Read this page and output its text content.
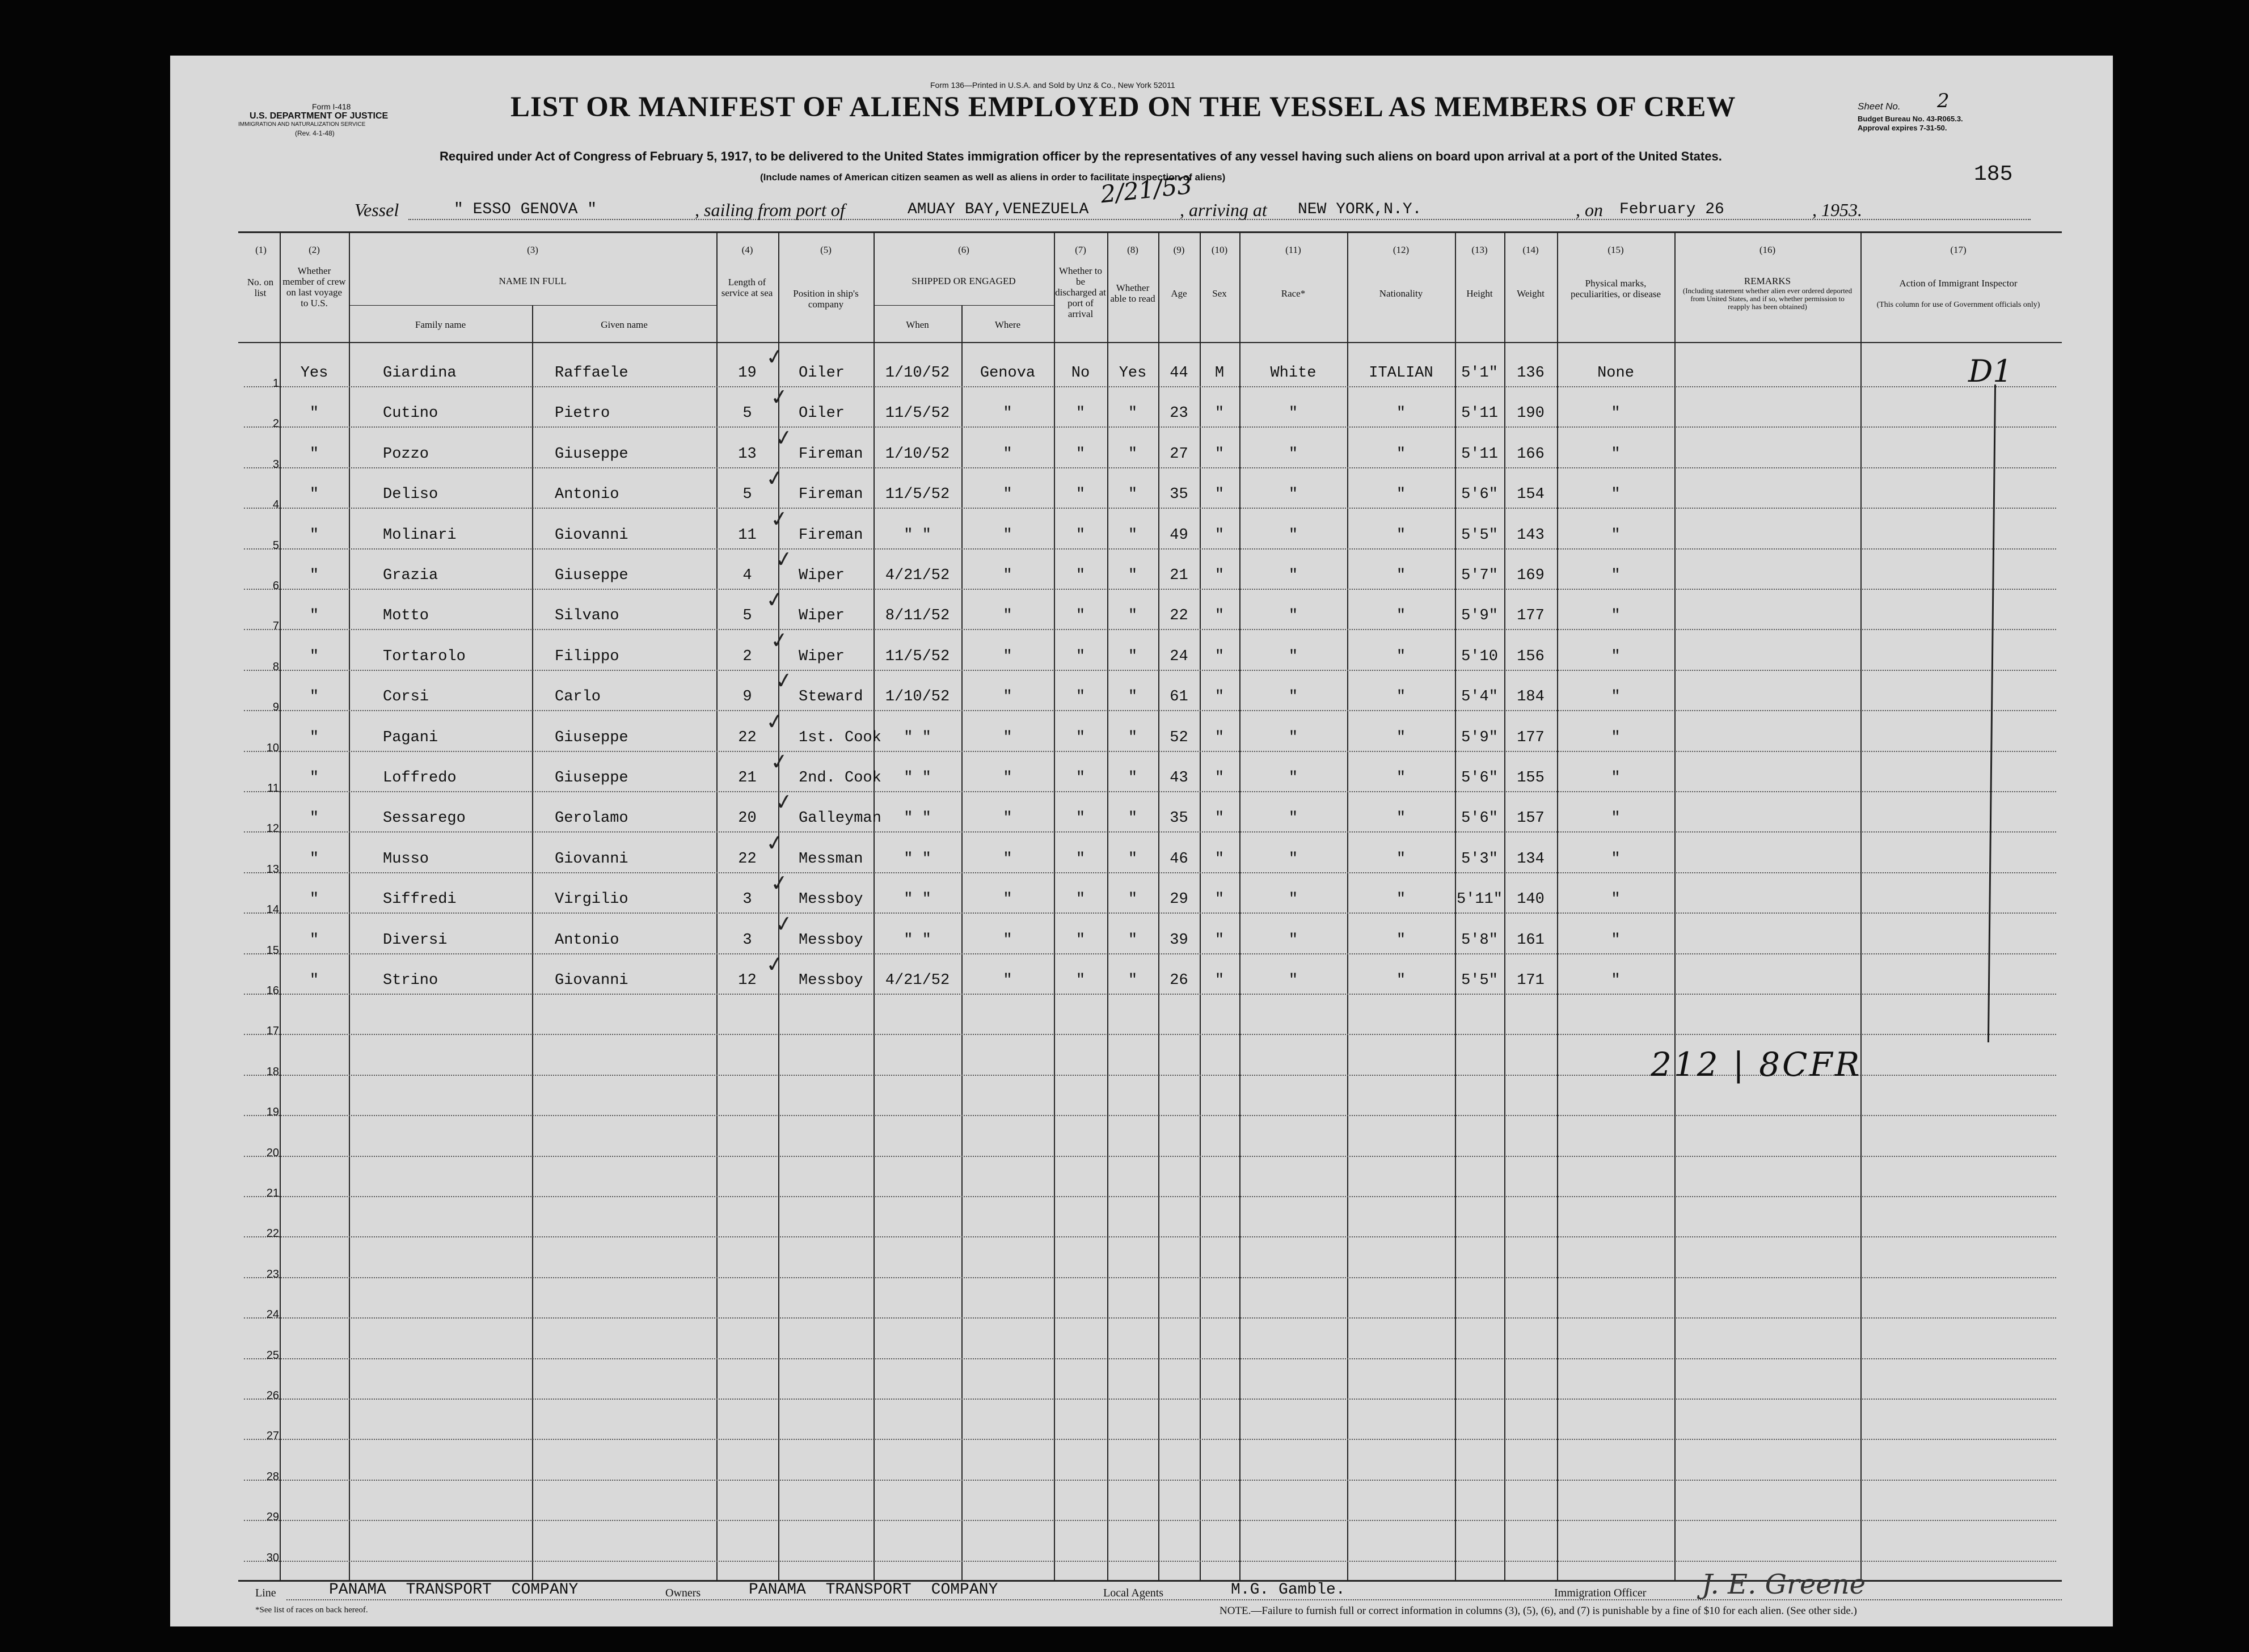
Form 136—Printed in U.S.A. and Sold by Unz & Co., New York 52011
Form I-418
U.S. DEPARTMENT OF JUSTICE
IMMIGRATION AND NATURALIZATION SERVICE
(Rev. 4-1-48)
LIST OR MANIFEST OF ALIENS EMPLOYED ON THE VESSEL AS MEMBERS OF CREW	Sheet No. 2
Budget Bureau No. 43-R065.3.
Approval expires 7-31-50.
185
Required under Act of Congress of February 5, 1917, to be delivered to the United States immigration officer by the representatives of any vessel having such aliens on board upon arrival at a port of the United States.
(Include names of American citizen seamen as well as aliens in order to facilitate inspection of aliens)
2/21/53
Vessel	" ESSO GENOVA "	, sailing from port of	AMUAY BAY,VENEZUELA	, arriving at NEW YORK,N.Y.	, on February 26	, 1953.
(1)	(2)	(3)	(4)	(5)	(6)	(7)	(8)	(9)	(10)	(11)	(12)	(13)	(14)	(15)	(16)	(17)
No. on list
Whether member of crew on last voyage to U.S.
NAME IN FULL
Family name	Given name
Length of service at sea	Position in ship's company
SHIPPED OR ENGAGED
When	Where
Whether to be discharged at port of arrival
Whether able to read	Age	Sex	Race*	Nationality	Height	Weight
Physical marks, peculiarities, or disease
REMARKS
(Including statement whether alien ever ordered deported from United States, and if so, whether permission to reapply has been obtained)
Action of Immigrant Inspector
(This column for use of Government officials only)
1
Yes	Giardina	Raffaele	19	Oiler	1/10/52	Genova	No	Yes	44	M	White	ITALIAN	5'1"	136	None
✓
2
"	Cutino	Pietro	5	Oiler	11/5/52	"	"	"	23	"	"	"	5'11	190	"
✓
3
"	Pozzo	Giuseppe	13	Fireman	1/10/52	"	"	"	27	"	"	"	5'11	166	"
✓
4
"	Deliso	Antonio	5	Fireman	11/5/52	"	"	"	35	"	"	"	5'6"	154	"
✓
5
"	Molinari	Giovanni	11	Fireman	" "	"	"	"	49	"	"	"	5'5"	143	"
✓
6
"	Grazia	Giuseppe	4	Wiper	4/21/52	"	"	"	21	"	"	"	5'7"	169	"
✓
7
"	Motto	Silvano	5	Wiper	8/11/52	"	"	"	22	"	"	"	5'9"	177	"
✓
8
"	Tortarolo	Filippo	2	Wiper	11/5/52	"	"	"	24	"	"	"	5'10	156	"
✓
9
"	Corsi	Carlo	9	Steward	1/10/52	"	"	"	61	"	"	"	5'4"	184	"
✓
10
"	Pagani	Giuseppe	22	1st. Cook	" "	"	"	"	52	"	"	"	5'9"	177	"
✓
11
"	Loffredo	Giuseppe	21	2nd. Cook	" "	"	"	"	43	"	"	"	5'6"	155	"
✓
12
"	Sessarego	Gerolamo	20	Galleyman	" "	"	"	"	35	"	"	"	5'6"	157	"
✓
13
"	Musso	Giovanni	22	Messman	" "	"	"	"	46	"	"	"	5'3"	134	"
✓
14
"	Siffredi	Virgilio	3	Messboy	" "	"	"	"	29	"	"	"	5'11" 140	"
✓
15
"	Diversi	Antonio	3	Messboy	" "	"	"	"	39	"	"	"	5'8"	161	"
✓
16
"	Strino	Giovanni	12	Messboy	4/21/52	"	"	"	26	"	"	"	5'5"	171	"
✓
17
18
19
20
21
22
23
24
25
26
27
28
29
30
D1
212 | 8CFR
Line	PANAMA TRANSPORT COMPANY	Owners	PANAMA TRANSPORT COMPANY	Local Agents	M.G. Gamble.	Immigration Officer J. E. Greene
*See list of races on back hereof.	NOTE.—Failure to furnish full or correct information in columns (3), (5), (6), and (7) is punishable by a fine of $10 for each alien. (See other side.)
